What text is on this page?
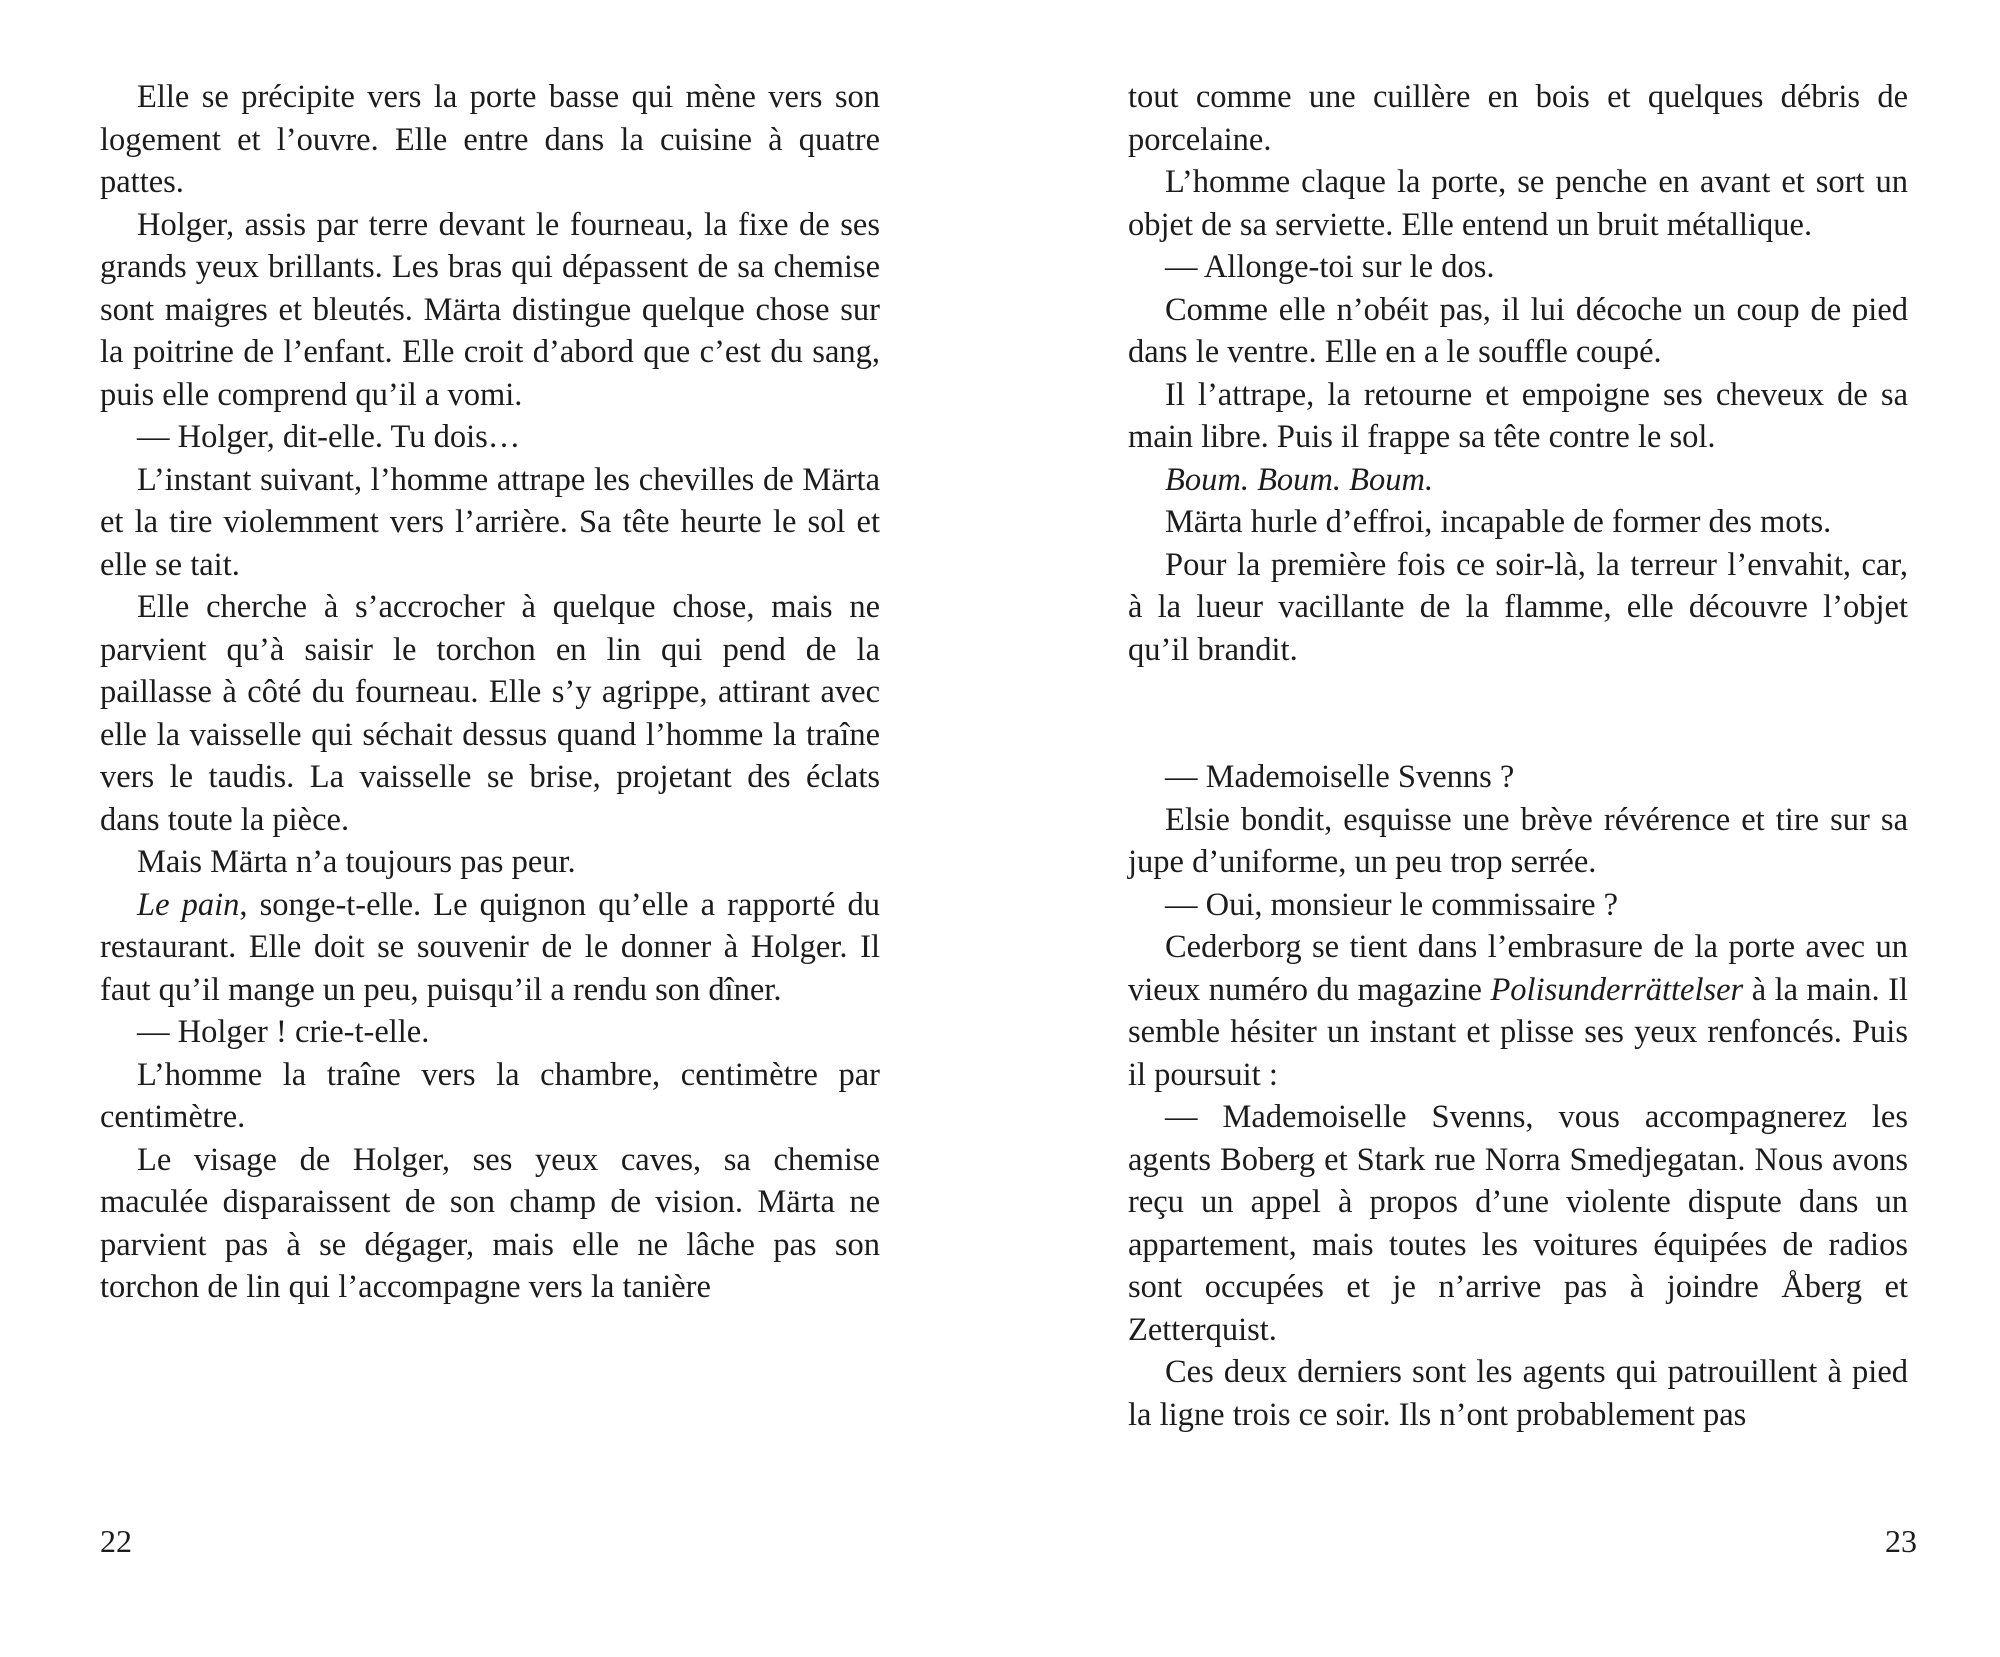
Elle se précipite vers la porte basse qui mène vers son logement et l’ouvre. Elle entre dans la cuisine à quatre pattes.

Holger, assis par terre devant le fourneau, la fixe de ses grands yeux brillants. Les bras qui dépassent de sa chemise sont maigres et bleutés. Märta distingue quelque chose sur la poitrine de l’enfant. Elle croit d’abord que c’est du sang, puis elle comprend qu’il a vomi.

— Holger, dit-elle. Tu dois…

L’instant suivant, l’homme attrape les chevilles de Märta et la tire violemment vers l’arrière. Sa tête heurte le sol et elle se tait.

Elle cherche à s’accrocher à quelque chose, mais ne parvient qu’à saisir le torchon en lin qui pend de la paillasse à côté du fourneau. Elle s’y agrippe, attirant avec elle la vaisselle qui séchait dessus quand l’homme la traîne vers le taudis. La vaisselle se brise, projetant des éclats dans toute la pièce.

Mais Märta n’a toujours pas peur.

Le pain, songe-t-elle. Le quignon qu’elle a rapporté du restaurant. Elle doit se souvenir de le donner à Holger. Il faut qu’il mange un peu, puisqu’il a rendu son dîner.

— Holger ! crie-t-elle.

L’homme la traîne vers la chambre, centimètre par centimètre.

Le visage de Holger, ses yeux caves, sa chemise maculée disparaissent de son champ de vision. Märta ne parvient pas à se dégager, mais elle ne lâche pas son torchon de lin qui l’accompagne vers la tanière

22

tout comme une cuillère en bois et quelques débris de porcelaine.

L’homme claque la porte, se penche en avant et sort un objet de sa serviette. Elle entend un bruit métallique.

— Allonge-toi sur le dos.

Comme elle n’obéit pas, il lui décoche un coup de pied dans le ventre. Elle en a le souffle coupé.

Il l’attrape, la retourne et empoigne ses cheveux de sa main libre. Puis il frappe sa tête contre le sol.

Boum. Boum. Boum.

Märta hurle d’effroi, incapable de former des mots.

Pour la première fois ce soir-là, la terreur l’envahit, car, à la lueur vacillante de la flamme, elle découvre l’objet qu’il brandit.

— Mademoiselle Svenns ?

Elsie bondit, esquisse une brève révérence et tire sur sa jupe d’uniforme, un peu trop serrée.

— Oui, monsieur le commissaire ?

Cederborg se tient dans l’embrasure de la porte avec un vieux numéro du magazine Polisunderrättelser à la main. Il semble hésiter un instant et plisse ses yeux renfoncés. Puis il poursuit :

— Mademoiselle Svenns, vous accompagnerez les agents Boberg et Stark rue Norra Smedjegatan. Nous avons reçu un appel à propos d’une violente dispute dans un appartement, mais toutes les voitures équipées de radios sont occupées et je n’arrive pas à joindre Åberg et Zetterquist.

Ces deux derniers sont les agents qui patrouillent à pied la ligne trois ce soir. Ils n’ont probablement pas

23
